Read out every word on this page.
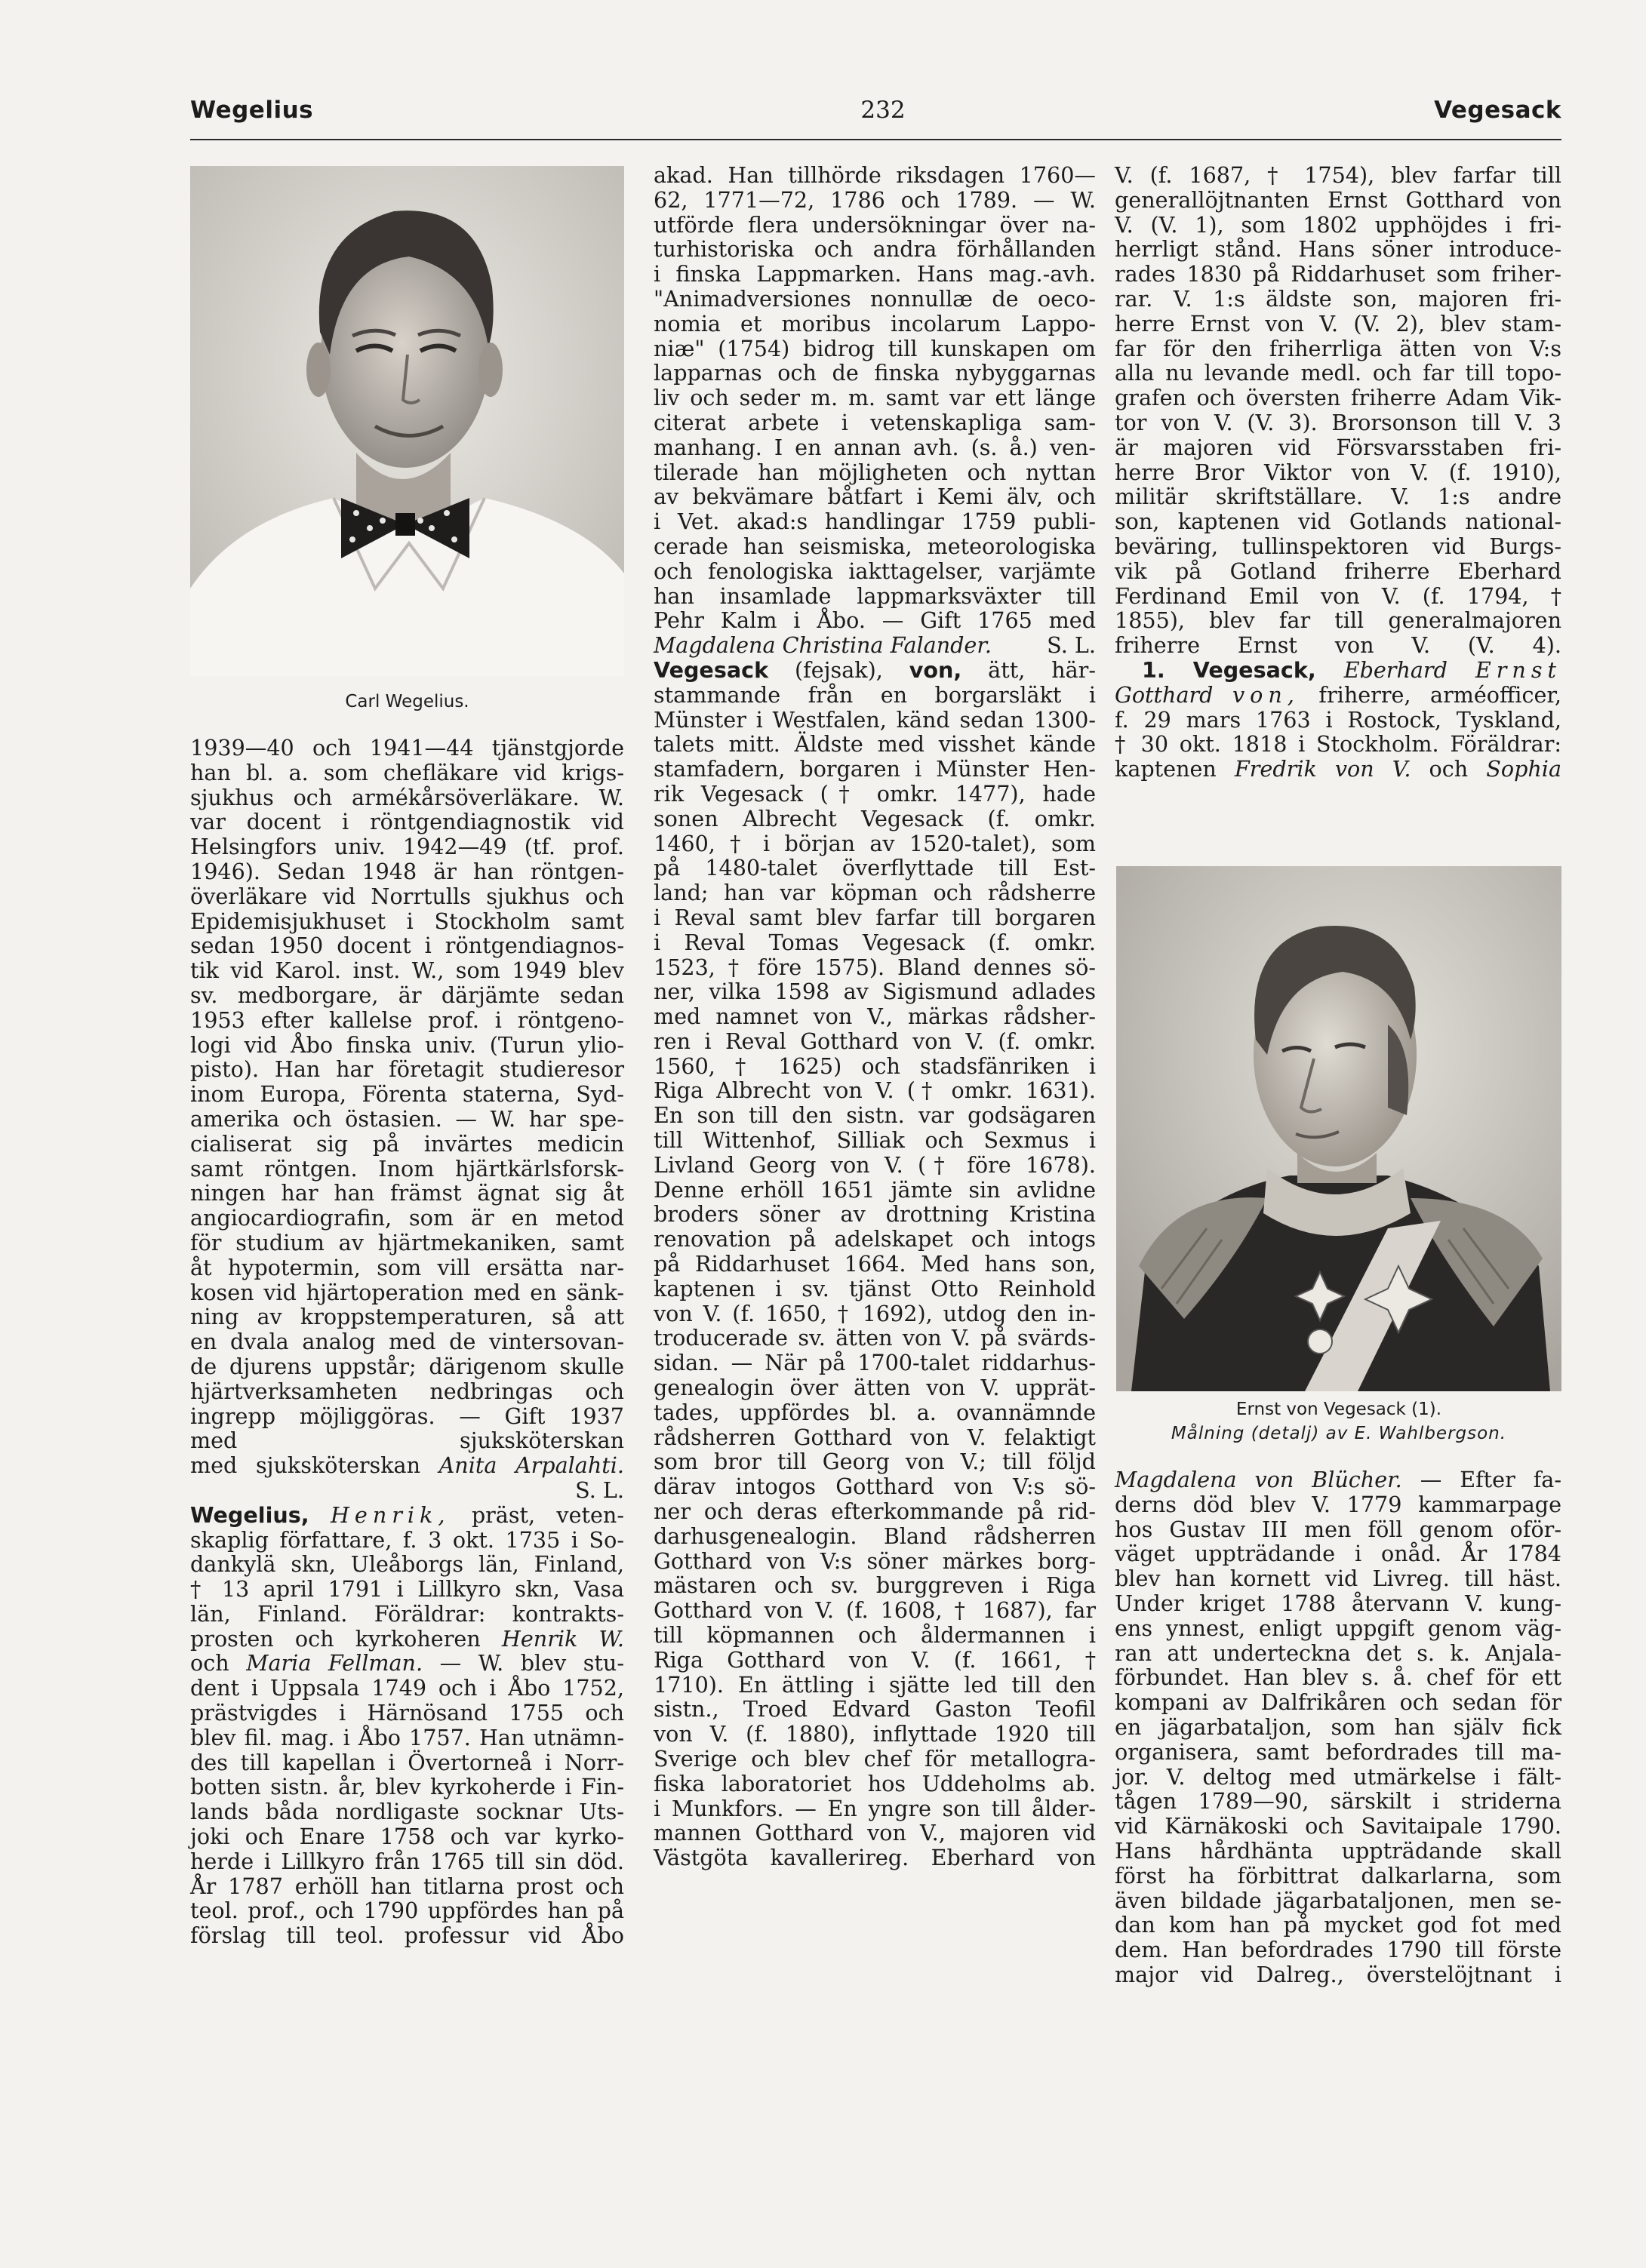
Wegelius	232	Vegesack
Carl Wegelius.
1939—40 och 1941—44 tjänstgjorde
han bl. a. som chefläkare vid krigs-
sjukhus och armékårsöverläkare. W.
var docent i röntgendiagnostik vid
Helsingfors univ. 1942—49 (tf. prof.
1946). Sedan 1948 är han röntgen-
överläkare vid Norrtulls sjukhus och
Epidemisjukhuset i Stockholm samt
sedan 1950 docent i röntgendiagnos-
tik vid Karol. inst. W., som 1949 blev
sv. medborgare, är därjämte sedan
1953 efter kallelse prof. i röntgeno-
logi vid Åbo finska univ. (Turun yliо-
pisto). Han har företagit studieresor
inom Europa, Förenta staterna, Syd-
amerika och östasien. — W. har spe-
cialiserat sig på invärtes medicin
samt röntgen. Inom hjärtkärlsforsk-
ningen har han främst ägnat sig åt
angiocardiografin, som är en metod
för studium av hjärtmekaniken, samt
åt hypotermin, som vill ersätta nar-
kosen vid hjärtoperation med en sänk-
ning av kroppstemperaturen, så att
en dvala analog med de vintersovan-
de djurens uppstår; därigenom skulle
hjärtverksamheten nedbringas och
ingrepp möjliggöras. — Gift 1937
med sjuksköterskan
med sjuksköterskan Anita Arpalahti.
S. L.
Wegelius, Henrik, präst, veten-
skaplig författare, f. 3 okt. 1735 i So-
dankylä skn, Uleåborgs län, Finland,
† 13 april 1791 i Lillkyro skn, Vasa
län, Finland. Föräldrar: kontrakts-
prosten och kyrkoheren Henrik W.
och Maria Fellman. — W. blev stu-
dent i Uppsala 1749 och i Åbo 1752,
prästvigdes i Härnösand 1755 och
blev fil. mag. i Åbo 1757. Han utnämn-
des till kapellan i Övertorneå i Norr-
botten sistn. år, blev kyrkoherde i Fin-
lands båda nordligaste socknar Uts-
joki och Enare 1758 och var kyrko-
herde i Lillkyro från 1765 till sin död.
År 1787 erhöll han titlarna prost och
teol. prof., och 1790 uppfördes han på
förslag till teol. professur vid Åbo
akad. Han tillhörde riksdagen 1760—
62, 1771—72, 1786 och 1789. — W.
utförde flera undersökningar över na-
turhistoriska och andra förhållanden
i finska Lappmarken. Hans mag.-avh.
"Animadversiones nonnullæ de oeco-
nomia et moribus incolarum Lappo-
niæ" (1754) bidrog till kunskapen om
lapparnas och de finska nybyggarnas
liv och seder m. m. samt var ett länge
citerat arbete i vetenskapliga sam-
manhang. I en annan avh. (s. å.) ven-
tilerade han möjligheten och nyttan
av bekvämare båtfart i Kemi älv, och
i Vet. akad:s handlingar 1759 publi-
cerade han seismiska, meteorologiska
och fenologiska iakttagelser, varjämte
han insamlade lappmarksväxter till
Pehr Kalm i Åbo. — Gift 1765 med
Magdalena Christina Falander.	S. L.
Vegesack (fejsak), von, ätt, här-
stammande från en borgarsläkt i
Münster i Westfalen, känd sedan 1300-
talets mitt. Äldste med visshet kände
stamfadern, borgaren i Münster Hen-
rik Vegesack († omkr. 1477), hade
sonen Albrecht Vegesack (f. omkr.
1460, † i början av 1520-talet), som
på 1480-talet överflyttade till Est-
land; han var köpman och rådsherre
i Reval samt blev farfar till borgaren
i Reval Tomas Vegesack (f. omkr.
1523, † före 1575). Bland dennes sö-
ner, vilka 1598 av Sigismund adlades
med namnet von V., märkas rådsher-
ren i Reval Gotthard von V. (f. omkr.
1560, † 1625) och stadsfänriken i
Riga Albrecht von V. († omkr. 1631).
En son till den sistn. var godsägaren
till Wittenhof, Silliak och Sexmus i
Livland Georg von V. († före 1678).
Denne erhöll 1651 jämte sin avlidne
broders söner av drottning Kristina
renovation på adelskapet och intogs
på Riddarhuset 1664. Med hans son,
kaptenen i sv. tjänst Otto Reinhold
von V. (f. 1650, † 1692), utdog den in-
troducerade sv. ätten von V. på svärds-
sidan. — När på 1700-talet riddarhus-
genealogin över ätten von V. upprät-
tades, uppfördes bl. a. ovannämnde
rådsherren Gotthard von V. felaktigt
som bror till Georg von V.; till följd
därav intogos Gotthard von V:s sö-
ner och deras efterkommande på rid-
darhusgenealogin. Bland rådsherren
Gotthard von V:s söner märkes borg-
mästaren och sv. burggreven i Riga
Gotthard von V. (f. 1608, † 1687), far
till köpmannen och åldermannen i
Riga Gotthard von V. (f. 1661, †
1710). En ättling i sjätte led till den
sistn., Troed Edvard Gaston Teofil
von V. (f. 1880), inflyttade 1920 till
Sverige och blev chef för metallogra-
fiska laboratoriet hos Uddeholms ab.
i Munkfors. — En yngre son till ålder-
mannen Gotthard von V., majoren vid
Västgöta kavallerireg. Eberhard von
V. (f. 1687, † 1754), blev farfar till
generallöjtnanten Ernst Gotthard von
V. (V. 1), som 1802 upphöjdes i fri-
herrligt stånd. Hans söner introduce-
rades 1830 på Riddarhuset som friher-
rar. V. 1:s äldste son, majoren fri-
herre Ernst von V. (V. 2), blev stam-
far för den friherrliga ätten von V:s
alla nu levande medl. och far till topo-
grafen och översten friherre Adam Vik-
tor von V. (V. 3). Brorsonson till V. 3
är majoren vid Försvarsstaben fri-
herre Bror Viktor von V. (f. 1910),
militär skriftställare. V. 1:s andre
son, kaptenen vid Gotlands national-
beväring, tullinspektoren vid Burgs-
vik på Gotland friherre Eberhard
Ferdinand Emil von V. (f. 1794, †
1855), blev far till generalmajoren
friherre Ernst von V. (V. 4).
1. Vegesack, Eberhard Ernst
Gotthard von, friherre, arméofficer,
f. 29 mars 1763 i Rostock, Tyskland,
† 30 okt. 1818 i Stockholm. Föräldrar:
kaptenen Fredrik von V. och Sophia
Ernst von Vegesack (1).
Målning (detalj) av E. Wahlbergson.
Magdalena von Blücher. — Efter fa-
derns död blev V. 1779 kammarpage
hos Gustav III men föll genom oför-
väget uppträdande i onåd. År 1784
blev han kornett vid Livreg. till häst.
Under kriget 1788 återvann V. kung-
ens ynnest, enligt uppgift genom väg-
ran att underteckna det s. k. Anjala-
förbundet. Han blev s. å. chef för ett
kompani av Dalfrikåren och sedan för
en jägarbataljon, som han själv fick
organisera, samt befordrades till ma-
jor. V. deltog med utmärkelse i fält-
tågen 1789—90, särskilt i striderna
vid Kärnäkoski och Savitaipale 1790.
Hans hårdhänta uppträdande skall
först ha förbittrat dalkarlarna, som
även bildade jägarbataljonen, men se-
dan kom han på mycket god fot med
dem. Han befordrades 1790 till förste
major vid Dalreg., överstelöjtnant i
